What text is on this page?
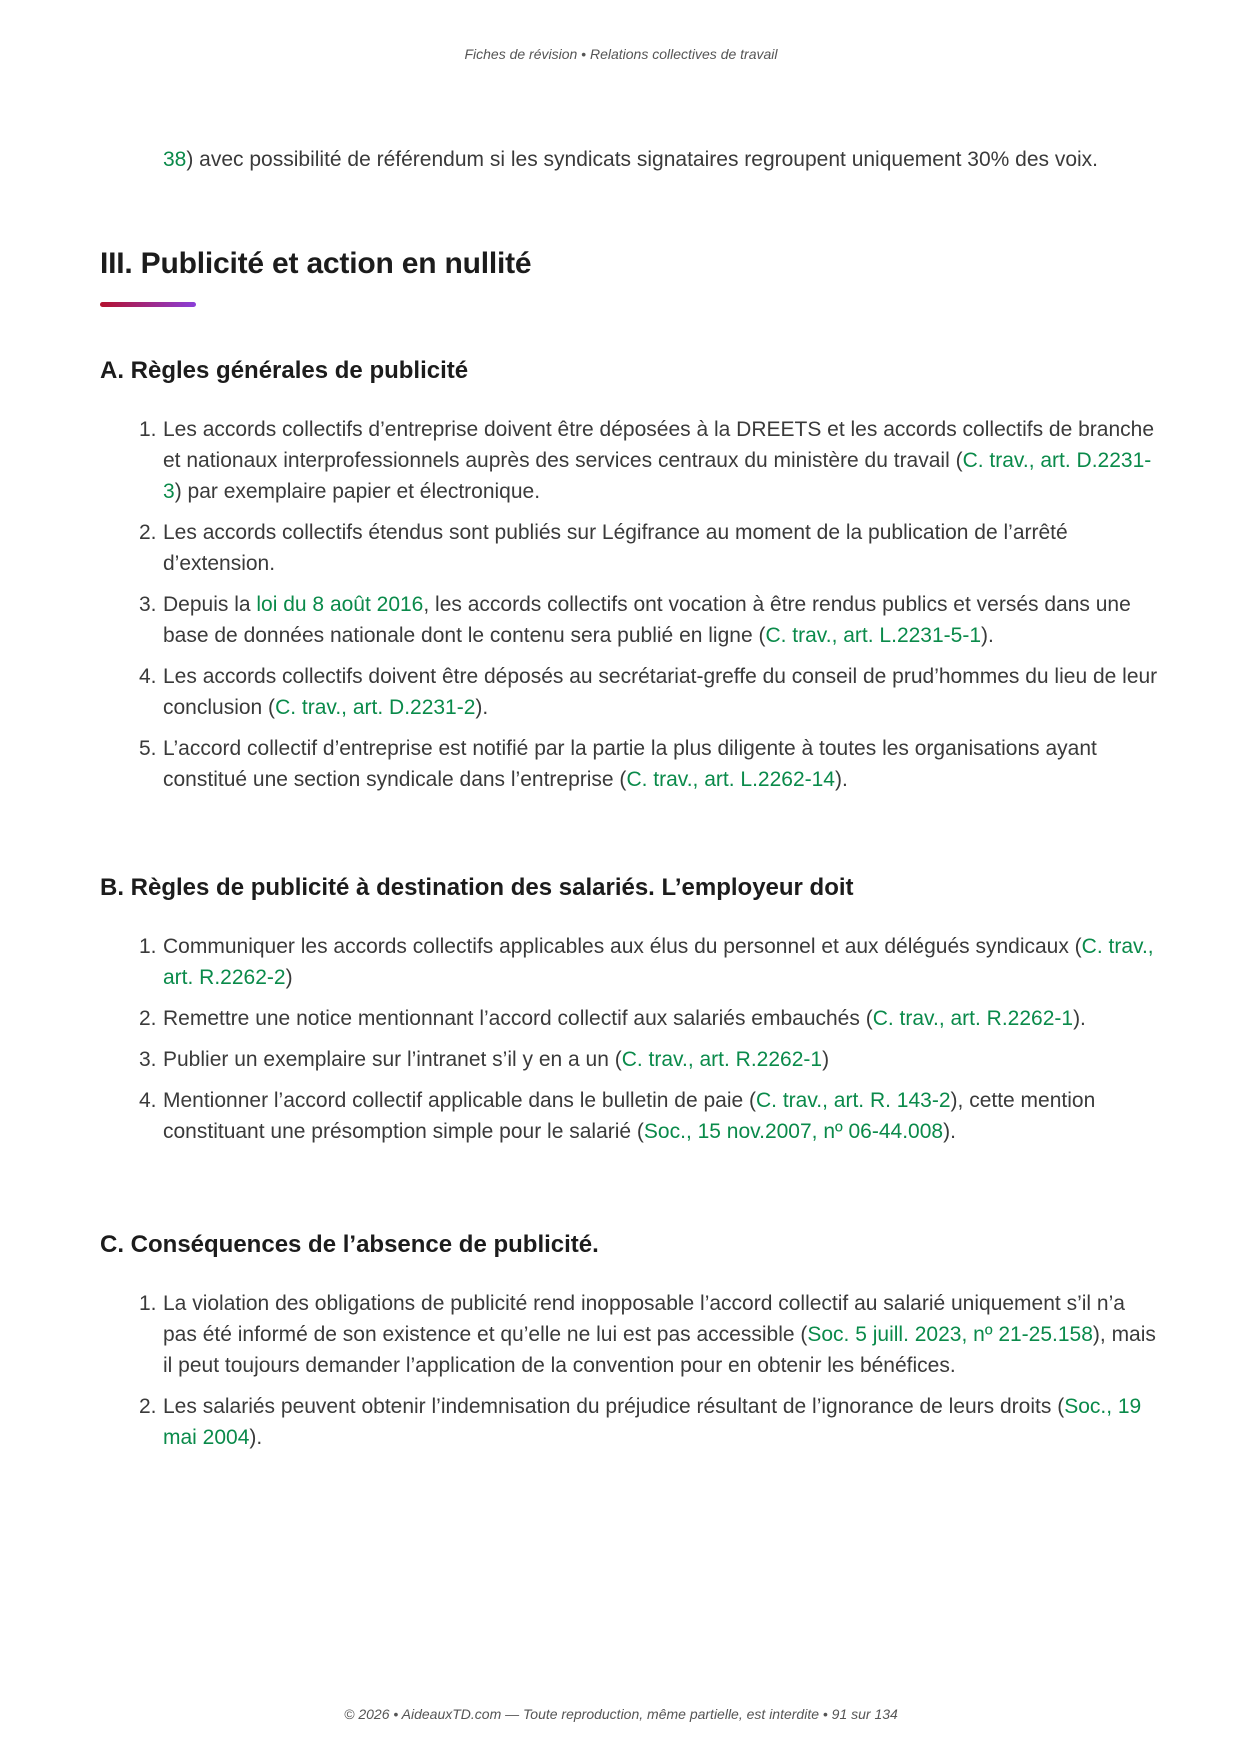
Fiches de révision • Relations collectives de travail

38) avec possibilité de référendum si les syndicats signataires regroupent uniquement 30% des voix.

III. Publicité et action en nullité
A. Règles générales de publicité
1. Les accords collectifs d’entreprise doivent être déposées à la DREETS et les accords collectifs de branche et nationaux interprofessionnels auprès des services centraux du ministère du travail (C. trav., art. D.2231-3) par exemplaire papier et électronique.
2. Les accords collectifs étendus sont publiés sur Légifrance au moment de la publication de l’arrêté d’extension.
3. Depuis la loi du 8 août 2016, les accords collectifs ont vocation à être rendus publics et versés dans une base de données nationale dont le contenu sera publié en ligne (C. trav., art. L.2231-5-1).
4. Les accords collectifs doivent être déposés au secrétariat-greffe du conseil de prud’hommes du lieu de leur conclusion (C. trav., art. D.2231-2).
5. L’accord collectif d’entreprise est notifié par la partie la plus diligente à toutes les organisations ayant constitué une section syndicale dans l’entreprise (C. trav., art. L.2262-14).
B. Règles de publicité à destination des salariés. L’employeur doit
1. Communiquer les accords collectifs applicables aux élus du personnel et aux délégués syndicaux (C. trav., art. R.2262-2)
2. Remettre une notice mentionnant l’accord collectif aux salariés embauchés (C. trav., art. R.2262-1).
3. Publier un exemplaire sur l’intranet s’il y en a un (C. trav., art. R.2262-1)
4. Mentionner l’accord collectif applicable dans le bulletin de paie (C. trav., art. R. 143-2), cette mention constituant une présomption simple pour le salarié (Soc., 15 nov.2007, nº 06-44.008).
C. Conséquences de l’absence de publicité.
1. La violation des obligations de publicité rend inopposable l’accord collectif au salarié uniquement s’il n’a pas été informé de son existence et qu’elle ne lui est pas accessible (Soc. 5 juill. 2023, nº 21-25.158), mais il peut toujours demander l’application de la convention pour en obtenir les bénéfices.
2. Les salariés peuvent obtenir l’indemnisation du préjudice résultant de l’ignorance de leurs droits (Soc., 19 mai 2004).
© 2026 • AideauxTD.com — Toute reproduction, même partielle, est interdite • 91 sur 134
